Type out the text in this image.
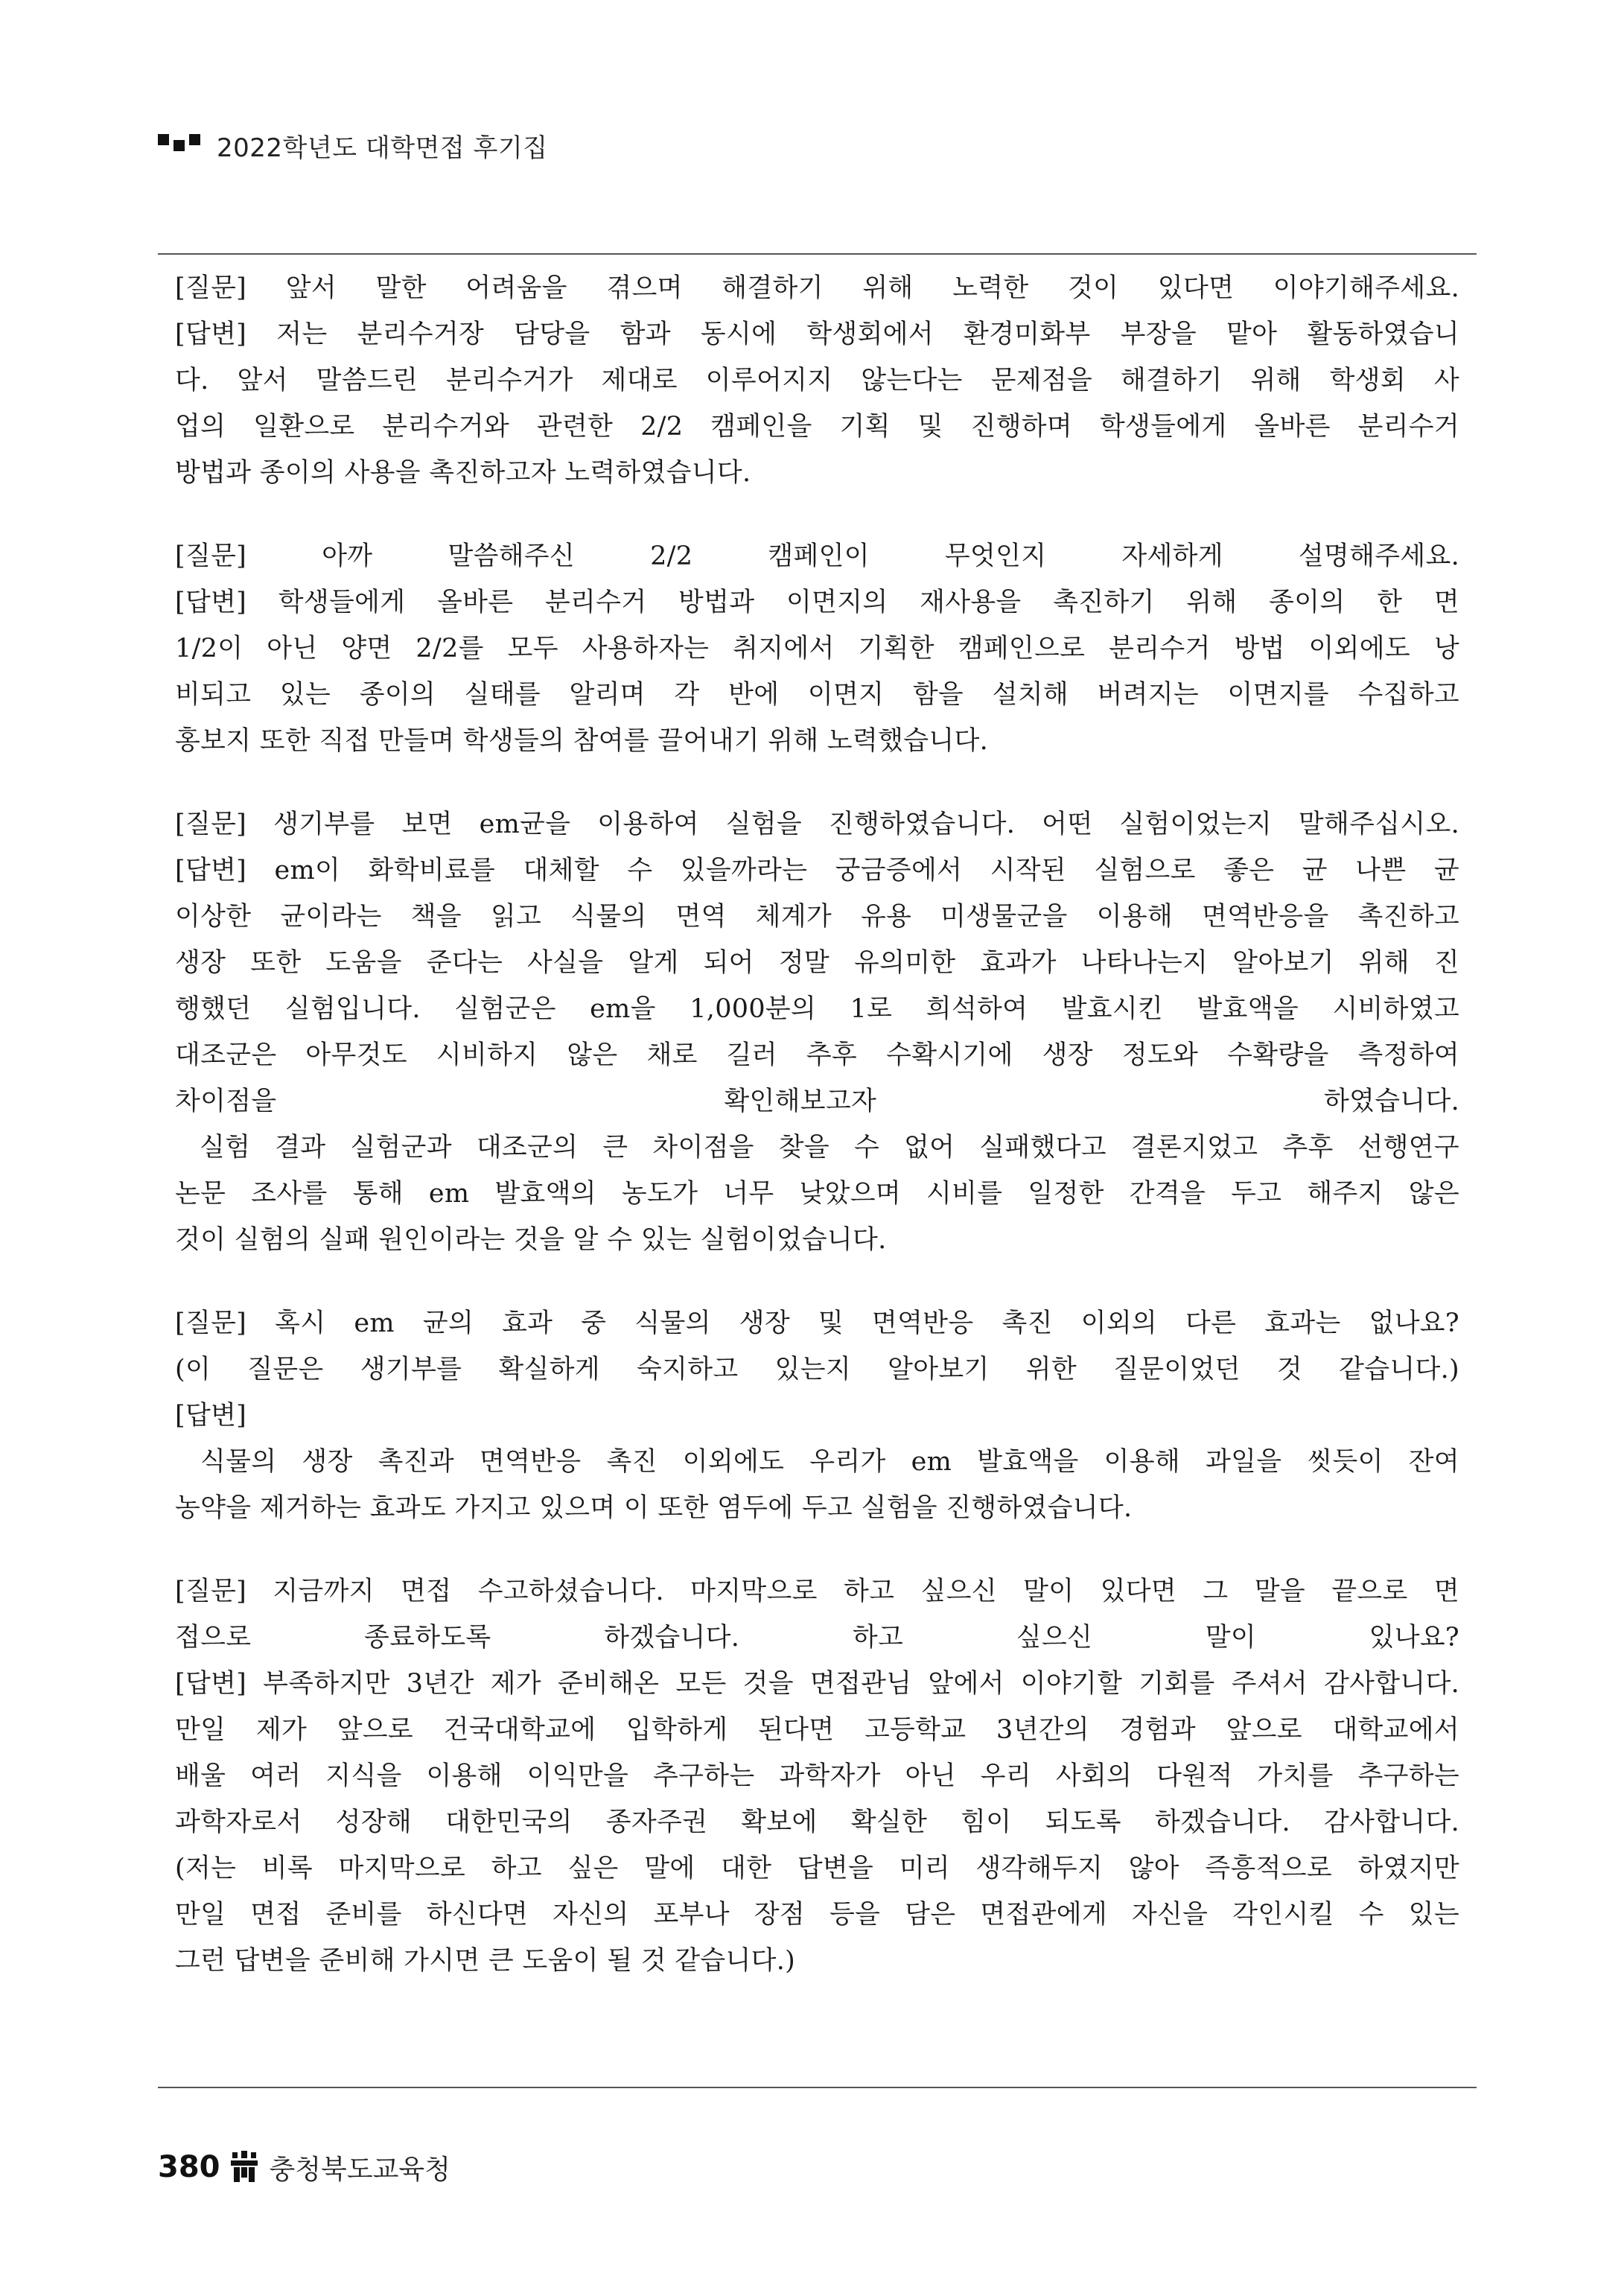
2022학년도 대학면접 후기집
[질문] 앞서 말한 어려움을 겪으며 해결하기 위해 노력한 것이 있다면 이야기해주세요.
[답변] 저는 분리수거장 담당을 함과 동시에 학생회에서 환경미화부 부장을 맡아 활동하였습니
다. 앞서 말씀드린 분리수거가 제대로 이루어지지 않는다는 문제점을 해결하기 위해 학생회 사
업의 일환으로 분리수거와 관련한 2/2 캠페인을 기획 및 진행하며 학생들에게 올바른 분리수거
방법과 종이의 사용을 촉진하고자 노력하였습니다.
[질문] 아까 말씀해주신 2/2 캠페인이 무엇인지 자세하게 설명해주세요.
[답변] 학생들에게 올바른 분리수거 방법과 이면지의 재사용을 촉진하기 위해 종이의 한 면
1/2이 아닌 양면 2/2를 모두 사용하자는 취지에서 기획한 캠페인으로 분리수거 방법 이외에도 낭
비되고 있는 종이의 실태를 알리며 각 반에 이면지 함을 설치해 버려지는 이면지를 수집하고
홍보지 또한 직접 만들며 학생들의 참여를 끌어내기 위해 노력했습니다.
[질문] 생기부를 보면 em균을 이용하여 실험을 진행하였습니다. 어떤 실험이었는지 말해주십시오.
[답변] em이 화학비료를 대체할 수 있을까라는 궁금증에서 시작된 실험으로 좋은 균 나쁜 균
이상한 균이라는 책을 읽고 식물의 면역 체계가 유용 미생물군을 이용해 면역반응을 촉진하고
생장 또한 도움을 준다는 사실을 알게 되어 정말 유의미한 효과가 나타나는지 알아보기 위해 진
행했던 실험입니다. 실험군은 em을 1,000분의 1로 희석하여 발효시킨 발효액을 시비하였고
대조군은 아무것도 시비하지 않은 채로 길러 추후 수확시기에 생장 정도와 수확량을 측정하여
차이점을 확인해보고자 하였습니다.
실험 결과 실험군과 대조군의 큰 차이점을 찾을 수 없어 실패했다고 결론지었고 추후 선행연구
논문 조사를 통해 em 발효액의 농도가 너무 낮았으며 시비를 일정한 간격을 두고 해주지 않은
것이 실험의 실패 원인이라는 것을 알 수 있는 실험이었습니다.
[질문] 혹시 em 균의 효과 중 식물의 생장 및 면역반응 촉진 이외의 다른 효과는 없나요?
(이 질문은 생기부를 확실하게 숙지하고 있는지 알아보기 위한 질문이었던 것 같습니다.)
[답변]
식물의 생장 촉진과 면역반응 촉진 이외에도 우리가 em 발효액을 이용해 과일을 씻듯이 잔여
농약을 제거하는 효과도 가지고 있으며 이 또한 염두에 두고 실험을 진행하였습니다.
[질문] 지금까지 면접 수고하셨습니다. 마지막으로 하고 싶으신 말이 있다면 그 말을 끝으로 면
접으로 종료하도록 하겠습니다. 하고 싶으신 말이 있나요?
[답변] 부족하지만 3년간 제가 준비해온 모든 것을 면접관님 앞에서 이야기할 기회를 주셔서 감사합니다.
만일 제가 앞으로 건국대학교에 입학하게 된다면 고등학교 3년간의 경험과 앞으로 대학교에서
배울 여러 지식을 이용해 이익만을 추구하는 과학자가 아닌 우리 사회의 다원적 가치를 추구하는
과학자로서 성장해 대한민국의 종자주권 확보에 확실한 힘이 되도록 하겠습니다. 감사합니다.
(저는 비록 마지막으로 하고 싶은 말에 대한 답변을 미리 생각해두지 않아 즉흥적으로 하였지만
만일 면접 준비를 하신다면 자신의 포부나 장점 등을 담은 면접관에게 자신을 각인시킬 수 있는
그런 답변을 준비해 가시면 큰 도움이 될 것 같습니다.)
380 충청북도교육청
